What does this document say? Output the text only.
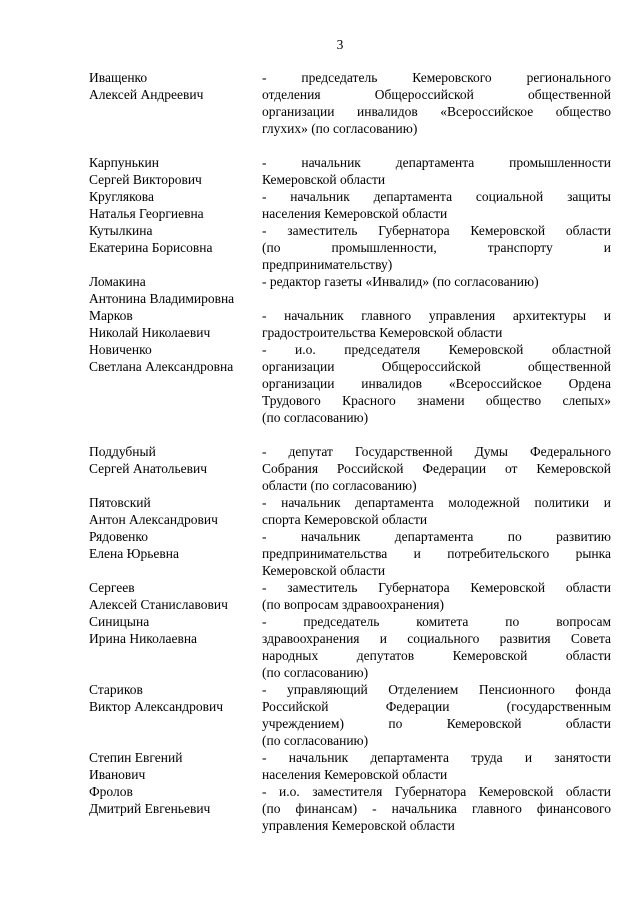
3
Иващенко
Алексей Андреевич
- председатель Кемеровского регионального
отделения Общероссийской общественной
организации инвалидов «Всероссийское общество
глухих» (по согласованию)
Карпунькин
Сергей Викторович
- начальник департамента промышленности
Кемеровской области
Круглякова
Наталья Георгиевна
- начальник департамента социальной защиты
населения Кемеровской области
Кутылкина
Екатерина Борисовна
- заместитель Губернатора Кемеровской области
(по промышленности, транспорту и
предпринимательству)
Ломакина
Антонина Владимировна
- редактор газеты «Инвалид» (по согласованию)
Марков
Николай Николаевич
- начальник главного управления архитектуры и
градостроительства Кемеровской области
Новиченко
Светлана Александровна
- и.о. председателя Кемеровской областной
организации Общероссийской общественной
организации инвалидов «Всероссийское Ордена
Трудового Красного знамени общество слепых»
(по согласованию)
Поддубный
Сергей Анатольевич
- депутат Государственной Думы Федерального
Собрания Российской Федерации от Кемеровской
области (по согласованию)
Пятовский
Антон Александрович
- начальник департамента молодежной политики и
спорта Кемеровской области
Рядовенко
Елена Юрьевна
- начальник департамента по развитию
предпринимательства и потребительского рынка
Кемеровской области
Сергеев
Алексей Станиславович
- заместитель Губернатора Кемеровской области
(по вопросам здравоохранения)
Синицына
Ирина Николаевна
- председатель комитета по вопросам
здравоохранения и социального развития Совета
народных депутатов Кемеровской области
(по согласованию)
Стариков
Виктор Александрович
- управляющий Отделением Пенсионного фонда
Российской Федерации (государственным
учреждением) по Кемеровской области
(по согласованию)
Степин Евгений
Иванович
- начальник департамента труда и занятости
населения Кемеровской области
Фролов
Дмитрий Евгеньевич
- и.о. заместителя Губернатора Кемеровской области
(по финансам) - начальника главного финансового
управления Кемеровской области
